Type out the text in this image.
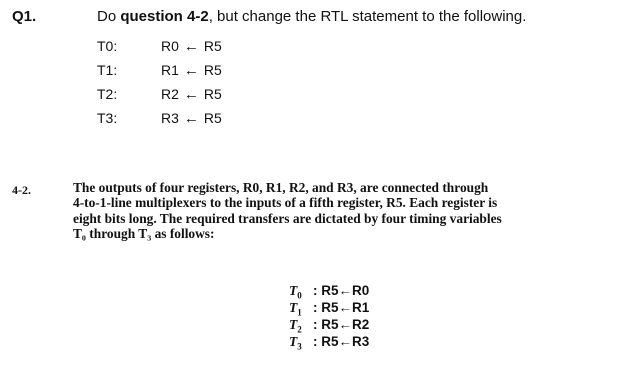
Q1.	Do question 4-2, but change the RTL statement to the following.
T0:	R0 ← R5
T1:	R1 ← R5
T2:	R2 ← R5
T3:	R3 ← R5
4-2.	The outputs of four registers, R0, R1, R2, and R3, are connected through
4-to-1-line multiplexers to the inputs of a fifth register, R5. Each register is
eight bits long. The required transfers are dictated by four timing variables
T₀ through T₃ as follows:
$T_0$ : R5←R0
$T_1$ : R5←R1
$T_2$ : R5←R2
$T_3$ : R5←R3
